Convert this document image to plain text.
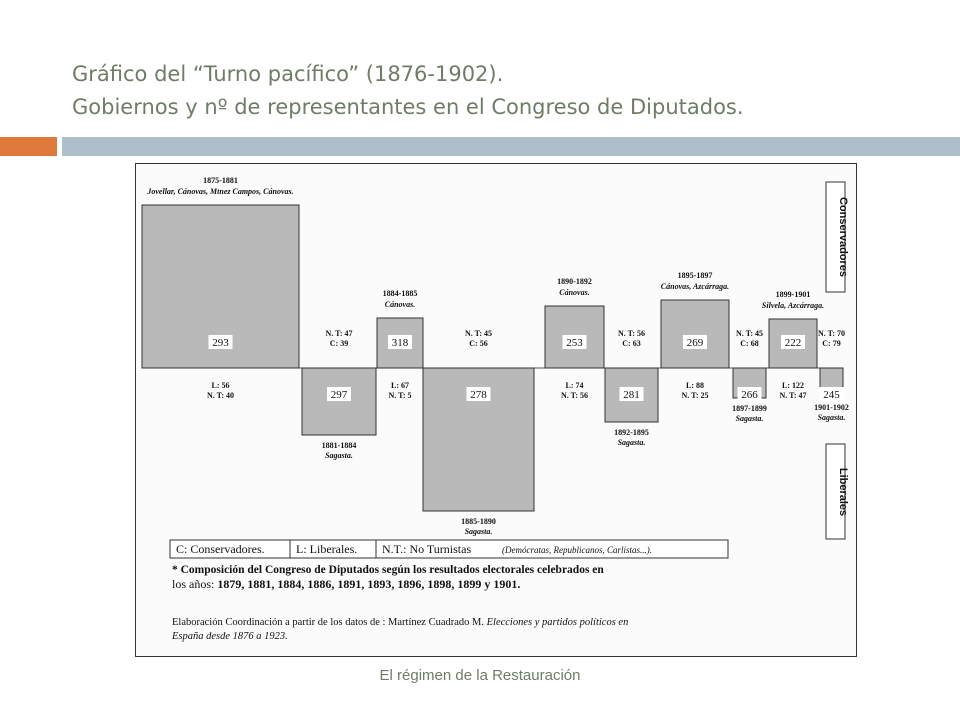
Gráfico del “Turno pacífico” (1876-1902).
Gobiernos y nº de representantes en el Congreso de Diputados.
293
1875-1881
Jovellar, Cánovas, Mtnez Campos, Cánovas.
L: 56
N. T: 40	297
1881-1884
Sagasta.
N. T: 47
C: 39	318
1884-1885
Cánovas.
L: 67
N. T: 5	278
1885-1890
Sagasta.
N. T: 45
C: 56	253
1890-1892
Cánovas.
L: 74
N. T: 56	281
1892-1895
Sagasta.
N. T: 56
C: 63	269
1895-1897
Cánovas, Azcárraga.
L: 88
N. T: 25	266
1897-1899
Sagasta.
N. T: 45
C: 68 222
1899-1901
Silvela, Azcárraga.
L: 122
N. T: 47 245
1901-1902
Sagasta.
N. T: 70
C: 79
Conservadores
Liberales
C: Conservadores.	L: Liberales. N.T.: No Turnistas	(Demócratas, Republicanos, Carlistas...).
* Composición del Congreso de Diputados según los resultados electorales celebrados en
los años: 1879, 1881, 1884, 1886, 1891, 1893, 1896, 1898, 1899 y 1901.
Elaboración Coordinación a partir de los datos de : Martínez Cuadrado M. Elecciones y partidos políticos en
España desde 1876 a 1923.
El régimen de la Restauración
